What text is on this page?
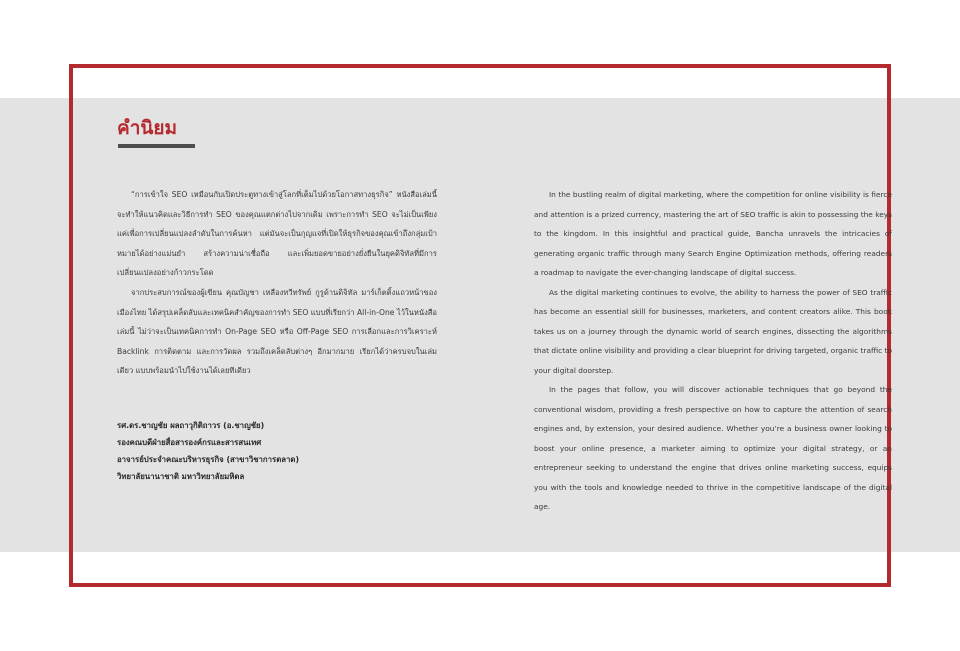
คำนิยม

“การเข้าใจ SEO เหมือนกับเปิดประตูทางเข้าสู่โลกที่เต็มไปด้วยโอกาสทางธุรกิจ” หนังสือเล่มนี้จะทำให้แนวคิดและวิธีการทำ SEO ของคุณแตกต่างไปจากเดิม เพราะการทำ SEO จะไม่เป็นเพียงแค่เพื่อการเปลี่ยนแปลงลำดับในการค้นหา แต่มันจะเป็นกุญแจที่เปิดให้ธุรกิจของคุณเข้าถึงกลุ่มเป้าหมายได้อย่างแม่นยำ สร้างความน่าเชื่อถือ และเพิ่มยอดขายอย่างยั่งยืนในยุคดิจิทัลที่มีการเปลี่ยนแปลงอย่างก้าวกระโดด

จากประสบการณ์ของผู้เขียน คุณบัญชา เหลืองทวีทรัพย์ กูรูด้านดิจิทัล มาร์เก็ตติ้งแถวหน้าของเมืองไทย ได้สรุปเคล็ดลับและเทคนิคสำคัญของการทำ SEO แบบที่เรียกว่า All-in-One ไว้ในหนังสือเล่มนี้ ไม่ว่าจะเป็นเทคนิคการทำ On-Page SEO หรือ Off-Page SEO การเลือกและการวิเคราะห์ Backlink การติดตาม และการวัดผล รวมถึงเคล็ดลับต่างๆ อีกมากมาย เรียกได้ว่าครบจบในเล่มเดียว แบบพร้อมนำไปใช้งานได้เลยทีเดียว

รศ.ดร.ชาญชัย ผลถาวุกิติถาวร (อ.ชาญชัย)
รองคณบดีฝ่ายสื่อสารองค์กรและสารสนเทศ
อาจารย์ประจำคณะบริหารธุรกิจ (สาขาวิชาการตลาด)
วิทยาลัยนานาชาติ มหาวิทยาลัยมหิดล

In the bustling realm of digital marketing, where the competition for online visibility is fierce and attention is a prized currency, mastering the art of SEO traffic is akin to possessing the keys to the kingdom. In this insightful and practical guide, Bancha unravels the intricacies of generating organic traffic through many Search Engine Optimization methods, offering readers a roadmap to navigate the ever-changing landscape of digital success.

As the digital marketing continues to evolve, the ability to harness the power of SEO traffic has become an essential skill for businesses, marketers, and content creators alike. This book takes us on a journey through the dynamic world of search engines, dissecting the algorithms that dictate online visibility and providing a clear blueprint for driving targeted, organic traffic to your digital doorstep.

In the pages that follow, you will discover actionable techniques that go beyond the conventional wisdom, providing a fresh perspective on how to capture the attention of search engines and, by extension, your desired audience. Whether you’re a business owner looking to boost your online presence, a marketer aiming to optimize your digital strategy, or an entrepreneur seeking to understand the engine that drives online marketing success, equips you with the tools and knowledge needed to thrive in the competitive landscape of the digital age.
